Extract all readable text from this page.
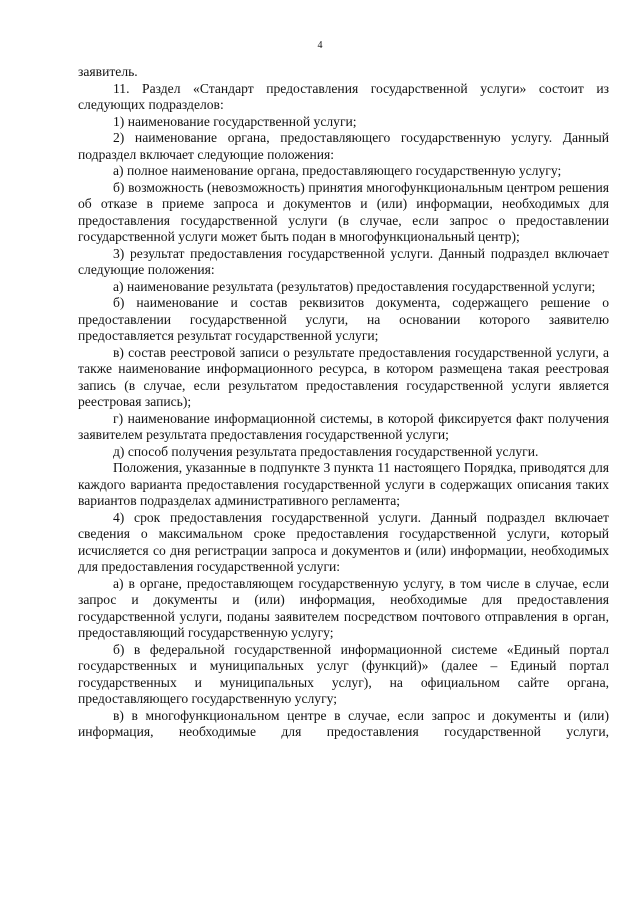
4

заявитель.

11. Раздел «Стандарт предоставления государственной услуги» состоит из следующих подразделов:

1) наименование государственной услуги;

2) наименование органа, предоставляющего государственную услугу. Данный подраздел включает следующие положения:

а) полное наименование органа, предоставляющего государственную услугу;

б) возможность (невозможность) принятия многофункциональным центром решения об отказе в приеме запроса и документов и (или) информации, необходимых для предоставления государственной услуги (в случае, если запрос о предоставлении государственной услуги может быть подан в многофункциональный центр);

3) результат предоставления государственной услуги. Данный подраздел включает следующие положения:

а) наименование результата (результатов) предоставления государственной услуги;

б) наименование и состав реквизитов документа, содержащего решение о предоставлении государственной услуги, на основании которого заявителю предоставляется результат государственной услуги;

в) состав реестровой записи о результате предоставления государственной услуги, а также наименование информационного ресурса, в котором размещена такая реестровая запись (в случае, если результатом предоставления государственной услуги является реестровая запись);

г) наименование информационной системы, в которой фиксируется факт получения заявителем результата предоставления государственной услуги;

д) способ получения результата предоставления государственной услуги.

Положения, указанные в подпункте 3 пункта 11 настоящего Порядка, приводятся для каждого варианта предоставления государственной услуги в содержащих описания таких вариантов подразделах административного регламента;

4) срок предоставления государственной услуги. Данный подраздел включает сведения о максимальном сроке предоставления государственной услуги, который исчисляется со дня регистрации запроса и документов и (или) информации, необходимых для предоставления государственной услуги:

а) в органе, предоставляющем государственную услугу, в том числе в случае, если запрос и документы и (или) информация, необходимые для предоставления государственной услуги, поданы заявителем посредством почтового отправления в орган, предоставляющий государственную услугу;

б) в федеральной государственной информационной системе «Единый портал государственных и муниципальных услуг (функций)» (далее – Единый портал государственных и муниципальных услуг), на официальном сайте органа, предоставляющего государственную услугу;

в) в многофункциональном центре в случае, если запрос и документы и (или) информация, необходимые для предоставления государственной услуги,
